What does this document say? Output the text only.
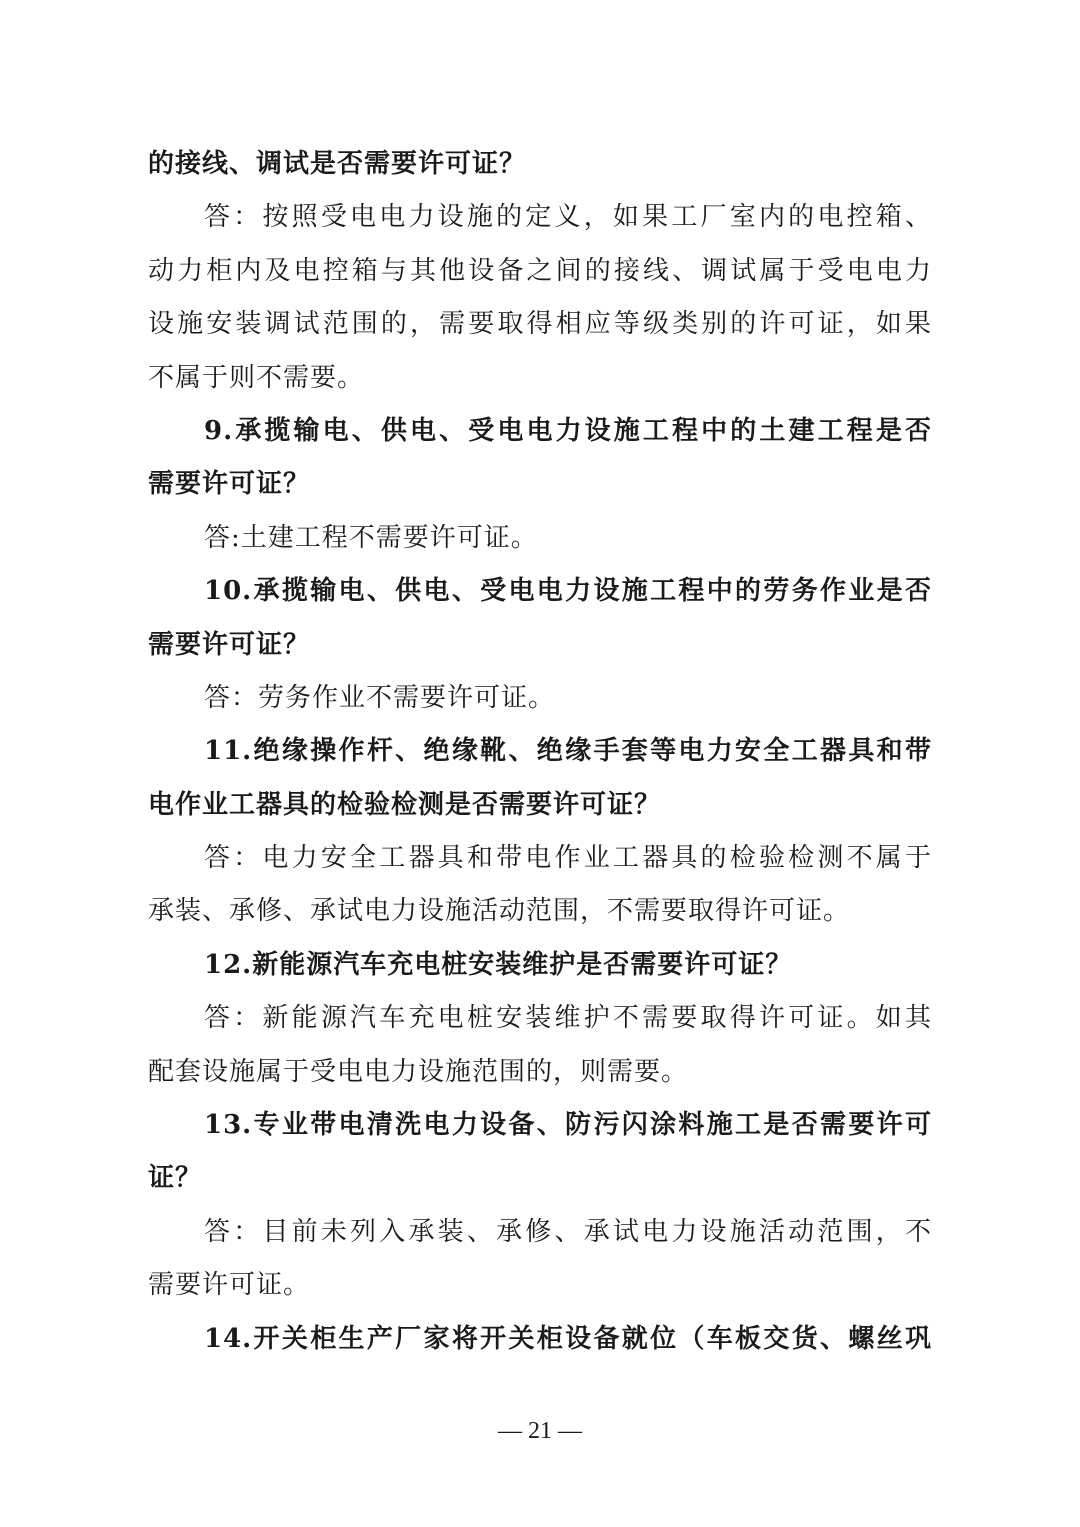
的接线、调试是否需要许可证？
答：按照受电电力设施的定义，如果工厂室内的电控箱、
动力柜内及电控箱与其他设备之间的接线、调试属于受电电力
设施安装调试范围的，需要取得相应等级类别的许可证，如果
不属于则不需要。
9.承揽输电、供电、受电电力设施工程中的土建工程是否
需要许可证？
答:土建工程不需要许可证。
10.承揽输电、供电、受电电力设施工程中的劳务作业是否
需要许可证？
答：劳务作业不需要许可证。
11.绝缘操作杆、绝缘靴、绝缘手套等电力安全工器具和带
电作业工器具的检验检测是否需要许可证？
答：电力安全工器具和带电作业工器具的检验检测不属于
承装、承修、承试电力设施活动范围，不需要取得许可证。
12.新能源汽车充电桩安装维护是否需要许可证？
答：新能源汽车充电桩安装维护不需要取得许可证。如其
配套设施属于受电电力设施范围的，则需要。
13.专业带电清洗电力设备、防污闪涂料施工是否需要许可
证？
答：目前未列入承装、承修、承试电力设施活动范围，不
需要许可证。
14.开关柜生产厂家将开关柜设备就位（车板交货、螺丝巩
— 21 —
